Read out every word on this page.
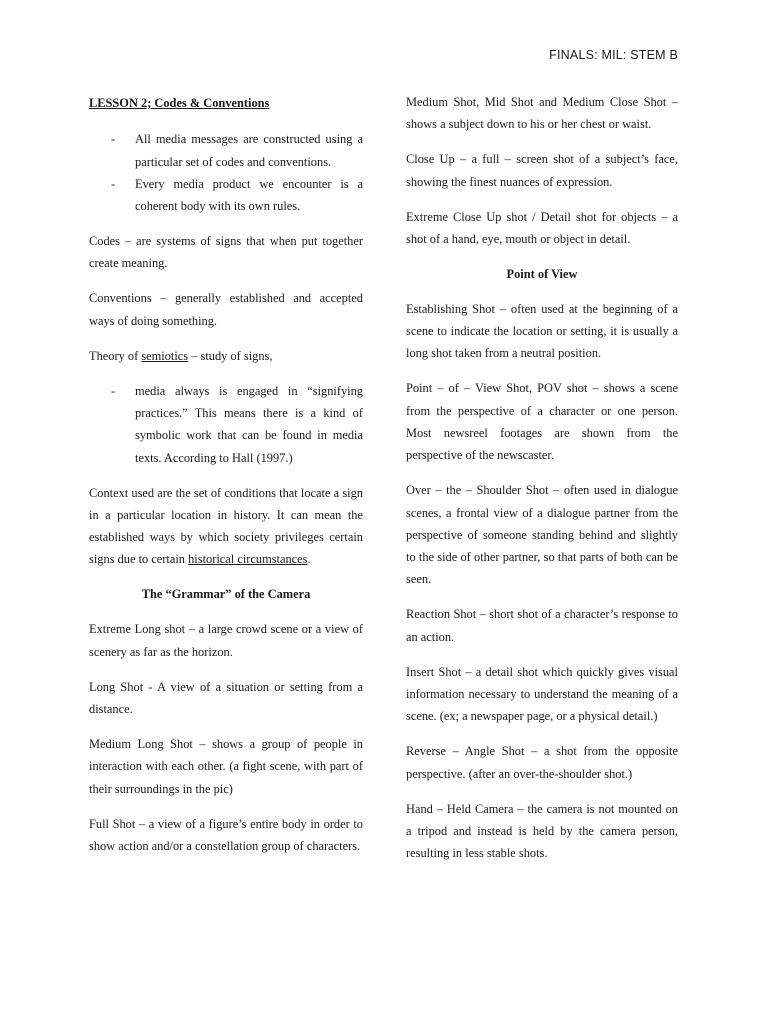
FINALS: MIL: STEM B

LESSON 2; Codes & Conventions

- All media messages are constructed using a particular set of codes and conventions.
- Every media product we encounter is a coherent body with its own rules.

Codes – are systems of signs that when put together create meaning.

Conventions – generally established and accepted ways of doing something.

Theory of semiotics – study of signs,

- media always is engaged in “signifying practices.” This means there is a kind of symbolic work that can be found in media texts. According to Hall (1997.)

Context used are the set of conditions that locate a sign in a particular location in history. It can mean the established ways by which society privileges certain signs due to certain historical circumstances.

The “Grammar” of the Camera

Extreme Long shot – a large crowd scene or a view of scenery as far as the horizon.

Long Shot - A view of a situation or setting from a distance.

Medium Long Shot – shows a group of people in interaction with each other. (a fight scene, with part of their surroundings in the pic)

Full Shot – a view of a figure’s entire body in order to show action and/or a constellation group of characters.

Medium Shot, Mid Shot and Medium Close Shot – shows a subject down to his or her chest or waist.

Close Up – a full – screen shot of a subject’s face, showing the finest nuances of expression.

Extreme Close Up shot / Detail shot for objects – a shot of a hand, eye, mouth or object in detail.

Point of View

Establishing Shot – often used at the beginning of a scene to indicate the location or setting, it is usually a long shot taken from a neutral position.

Point – of – View Shot, POV shot – shows a scene from the perspective of a character or one person. Most newsreel footages are shown from the perspective of the newscaster.

Over – the – Shoulder Shot – often used in dialogue scenes, a frontal view of a dialogue partner from the perspective of someone standing behind and slightly to the side of other partner, so that parts of both can be seen.

Reaction Shot – short shot of a character’s response to an action.

Insert Shot – a detail shot which quickly gives visual information necessary to understand the meaning of a scene. (ex; a newspaper page, or a physical detail.)

Reverse – Angle Shot – a shot from the opposite perspective. (after an over-the-shoulder shot.)

Hand – Held Camera – the camera is not mounted on a tripod and instead is held by the camera person, resulting in less stable shots.
